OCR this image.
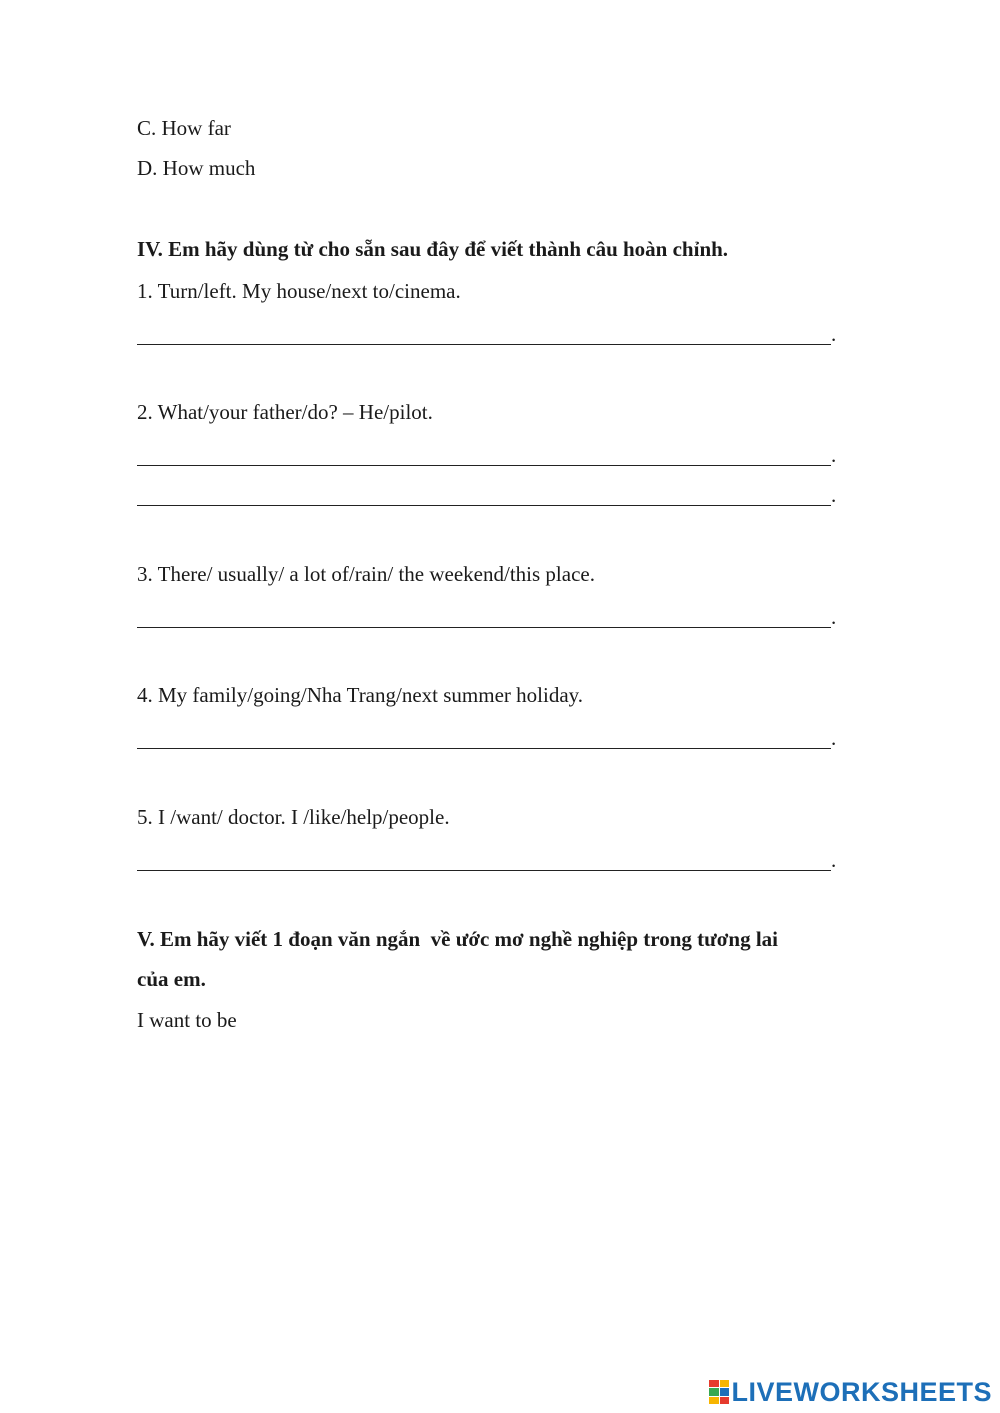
C. How far
D. How much
IV. Em hãy dùng từ cho sẵn sau đây để viết thành câu hoàn chỉnh.
1. Turn/left. My house/next to/cinema.
.
2. What/your father/do? – He/pilot.
.
.
3. There/ usually/ a lot of/rain/ the weekend/this place.
.
4. My family/going/Nha Trang/next summer holiday.
.
5. I /want/ doctor. I /like/help/people.
.
V. Em hãy viết 1 đoạn văn ngắn  về ước mơ nghề nghiệp trong tương lai
của em.
I want to be
LIVEWORKSHEETS
